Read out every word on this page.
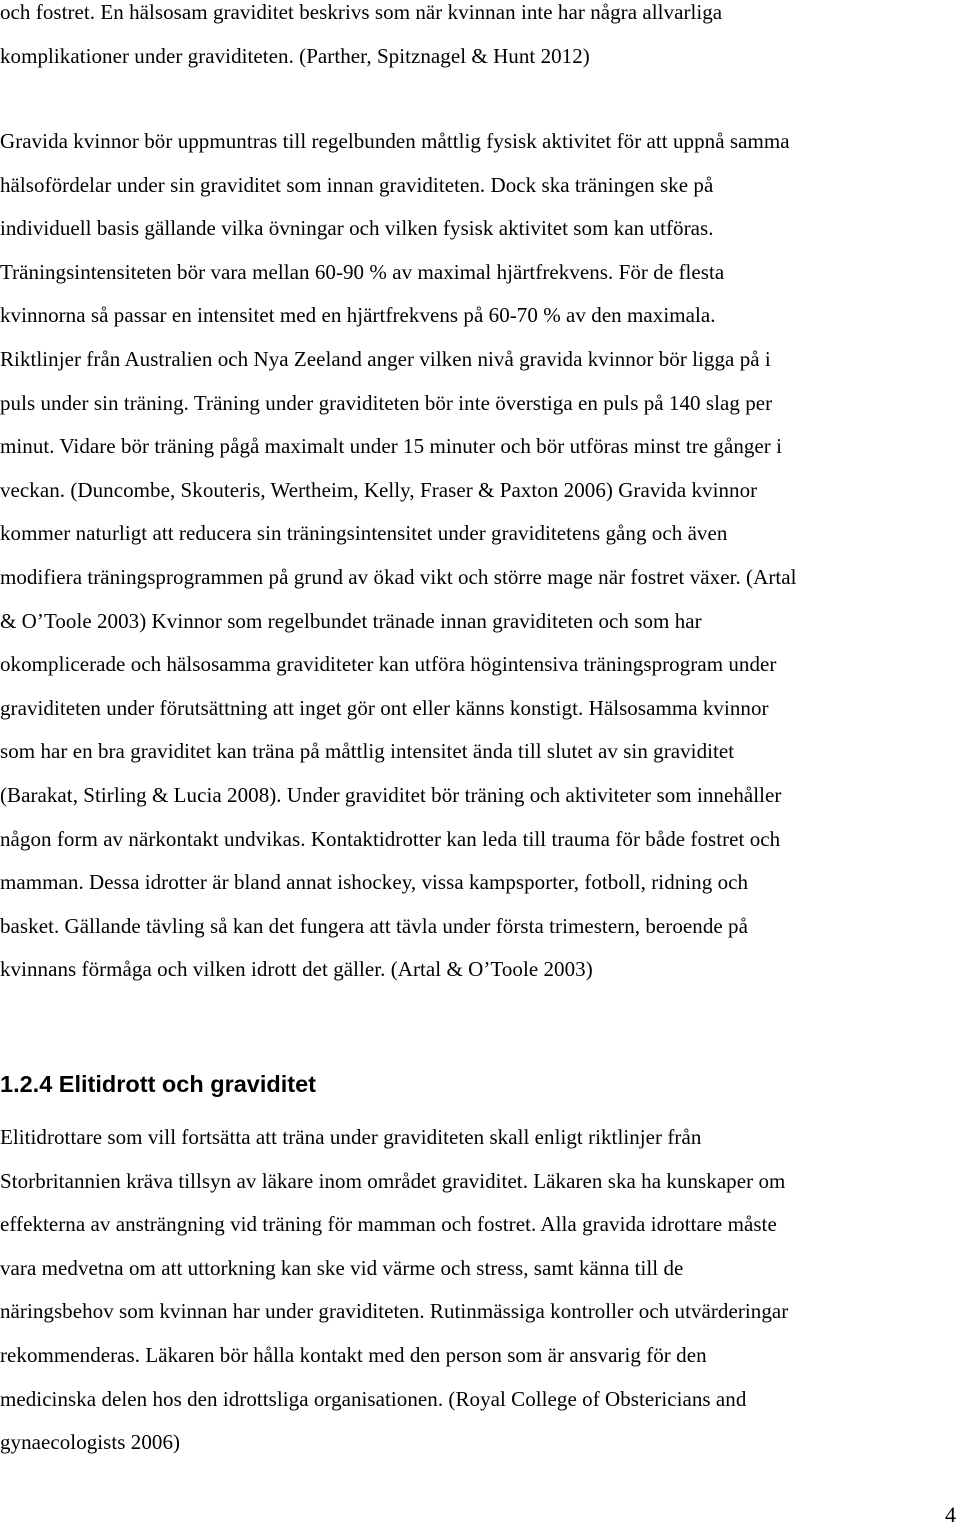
och fostret. En hälsosam graviditet beskrivs som när kvinnan inte har några allvarliga
komplikationer under graviditeten. (Parther, Spitznagel & Hunt 2012)

Gravida kvinnor bör uppmuntras till regelbunden måttlig fysisk aktivitet för att uppnå samma
hälsofördelar under sin graviditet som innan graviditeten. Dock ska träningen ske på
individuell basis gällande vilka övningar och vilken fysisk aktivitet som kan utföras.
Träningsintensiteten bör vara mellan 60-90 % av maximal hjärtfrekvens. För de flesta
kvinnorna så passar en intensitet med en hjärtfrekvens på 60-70 % av den maximala.
Riktlinjer från Australien och Nya Zeeland anger vilken nivå gravida kvinnor bör ligga på i
puls under sin träning. Träning under graviditeten bör inte överstiga en puls på 140 slag per
minut. Vidare bör träning pågå maximalt under 15 minuter och bör utföras minst tre gånger i
veckan. (Duncombe, Skouteris, Wertheim, Kelly, Fraser & Paxton 2006) Gravida kvinnor
kommer naturligt att reducera sin träningsintensitet under graviditetens gång och även
modifiera träningsprogrammen på grund av ökad vikt och större mage när fostret växer. (Artal
& O’Toole 2003) Kvinnor som regelbundet tränade innan graviditeten och som har
okomplicerade och hälsosamma graviditeter kan utföra högintensiva träningsprogram under
graviditeten under förutsättning att inget gör ont eller känns konstigt. Hälsosamma kvinnor
som har en bra graviditet kan träna på måttlig intensitet ända till slutet av sin graviditet
(Barakat, Stirling & Lucia 2008). Under graviditet bör träning och aktiviteter som innehåller
någon form av närkontakt undvikas. Kontaktidrotter kan leda till trauma för både fostret och
mamman. Dessa idrotter är bland annat ishockey, vissa kampsporter, fotboll, ridning och
basket. Gällande tävling så kan det fungera att tävla under första trimestern, beroende på
kvinnans förmåga och vilken idrott det gäller. (Artal & O’Toole 2003)

1.2.4 Elitidrott och graviditet

Elitidrottare som vill fortsätta att träna under graviditeten skall enligt riktlinjer från
Storbritannien kräva tillsyn av läkare inom området graviditet. Läkaren ska ha kunskaper om
effekterna av ansträngning vid träning för mamman och fostret. Alla gravida idrottare måste
vara medvetna om att uttorkning kan ske vid värme och stress, samt känna till de
näringsbehov som kvinnan har under graviditeten. Rutinmässiga kontroller och utvärderingar
rekommenderas. Läkaren bör hålla kontakt med den person som är ansvarig för den
medicinska delen hos den idrottsliga organisationen. (Royal College of Obstericians and
gynaecologists 2006)

4
